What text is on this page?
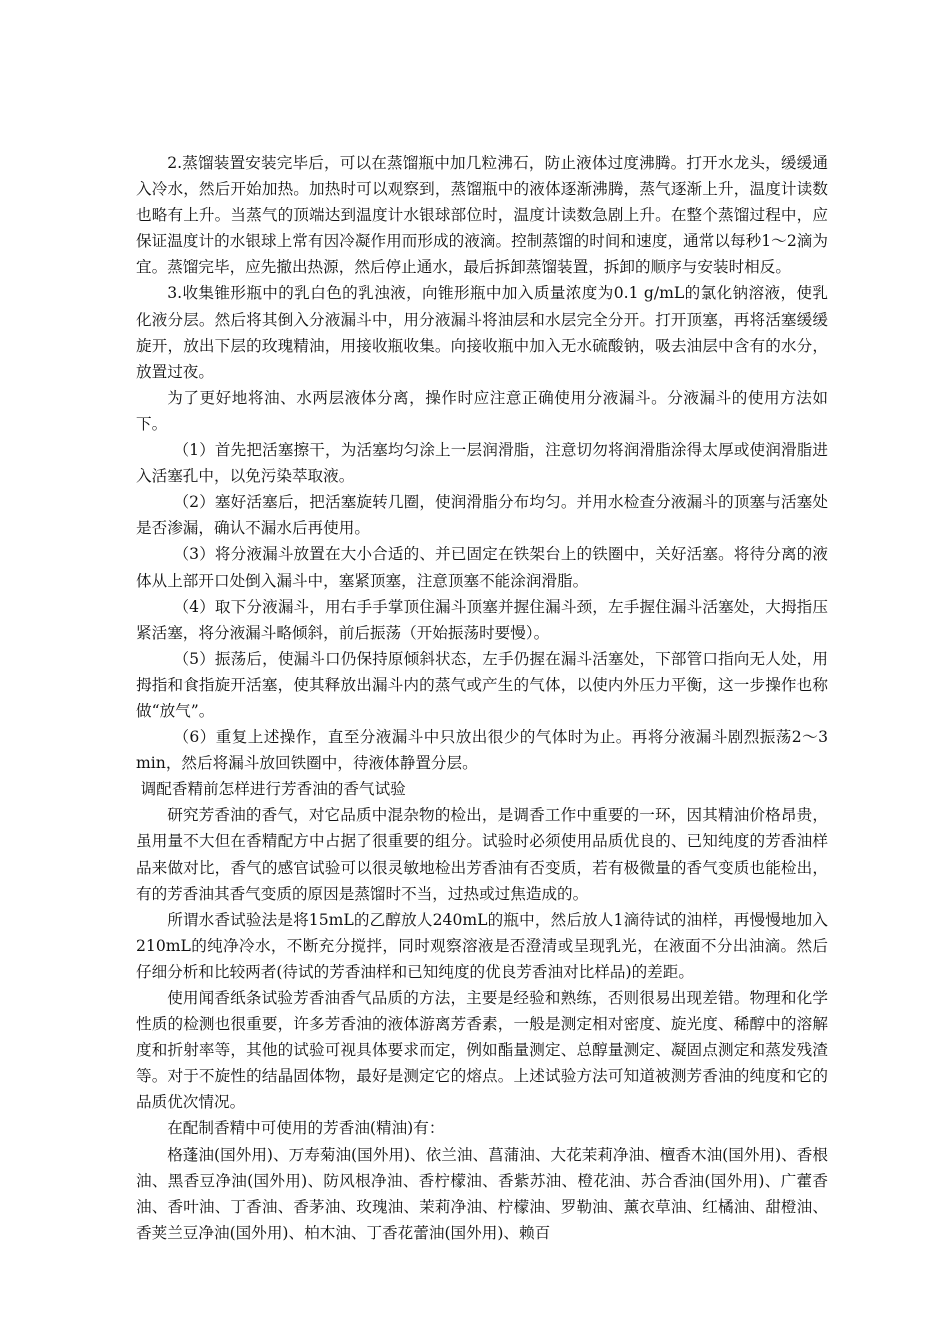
2.蒸馏装置安装完毕后，可以在蒸馏瓶中加几粒沸石，防止液体过度沸腾。打开水龙头，缓缓通入冷水，然后开始加热。加热时可以观察到，蒸馏瓶中的液体逐渐沸腾，蒸气逐渐上升，温度计读数也略有上升。当蒸气的顶端达到温度计水银球部位时，温度计读数急剧上升。在整个蒸馏过程中，应保证温度计的水银球上常有因冷凝作用而形成的液滴。控制蒸馏的时间和速度，通常以每秒1～2滴为宜。蒸馏完毕，应先撤出热源，然后停止通水，最后拆卸蒸馏装置，拆卸的顺序与安装时相反。

3.收集锥形瓶中的乳白色的乳浊液，向锥形瓶中加入质量浓度为0.1 g/mL的氯化钠溶液，使乳化液分层。然后将其倒入分液漏斗中，用分液漏斗将油层和水层完全分开。打开顶塞，再将活塞缓缓旋开，放出下层的玫瑰精油，用接收瓶收集。向接收瓶中加入无水硫酸钠，吸去油层中含有的水分，放置过夜。

为了更好地将油、水两层液体分离，操作时应注意正确使用分液漏斗。分液漏斗的使用方法如下。

（1）首先把活塞擦干，为活塞均匀涂上一层润滑脂，注意切勿将润滑脂涂得太厚或使润滑脂进入活塞孔中，以免污染萃取液。

（2）塞好活塞后，把活塞旋转几圈，使润滑脂分布均匀。并用水检查分液漏斗的顶塞与活塞处是否渗漏，确认不漏水后再使用。

（3）将分液漏斗放置在大小合适的、并已固定在铁架台上的铁圈中，关好活塞。将待分离的液体从上部开口处倒入漏斗中，塞紧顶塞，注意顶塞不能涂润滑脂。

（4）取下分液漏斗，用右手手掌顶住漏斗顶塞并握住漏斗颈，左手握住漏斗活塞处，大拇指压紧活塞，将分液漏斗略倾斜，前后振荡（开始振荡时要慢）。

（5）振荡后，使漏斗口仍保持原倾斜状态，左手仍握在漏斗活塞处，下部管口指向无人处，用拇指和食指旋开活塞，使其释放出漏斗内的蒸气或产生的气体，以使内外压力平衡，这一步操作也称做“放气”。

（6）重复上述操作，直至分液漏斗中只放出很少的气体时为止。再将分液漏斗剧烈振荡2～3 min，然后将漏斗放回铁圈中，待液体静置分层。

调配香精前怎样进行芳香油的香气试验

研究芳香油的香气，对它品质中混杂物的检出，是调香工作中重要的一环，因其精油价格昂贵，虽用量不大但在香精配方中占据了很重要的组分。试验时必须使用品质优良的、已知纯度的芳香油样品来做对比，香气的感官试验可以很灵敏地检出芳香油有否变质，若有极微量的香气变质也能检出，有的芳香油其香气变质的原因是蒸馏时不当，过热或过焦造成的。

所谓水香试验法是将15mL的乙醇放人240mL的瓶中，然后放人1滴待试的油样，再慢慢地加入210mL的纯净冷水，不断充分搅拌，同时观察溶液是否澄清或呈现乳光，在液面不分出油滴。然后仔细分析和比较两者(待试的芳香油样和已知纯度的优良芳香油对比样品)的差距。

使用闻香纸条试验芳香油香气品质的方法，主要是经验和熟练，否则很易出现差错。物理和化学性质的检测也很重要，许多芳香油的液体游离芳香素，一般是测定相对密度、旋光度、稀醇中的溶解度和折射率等，其他的试验可视具体要求而定，例如酯量测定、总醇量测定、凝固点测定和蒸发残渣等。对于不旋性的结晶固体物，最好是测定它的熔点。上述试验方法可知道被测芳香油的纯度和它的品质优次情况。

在配制香精中可使用的芳香油(精油)有：

格蓬油(国外用)、万寿菊油(国外用)、依兰油、菖蒲油、大花茉莉净油、檀香木油(国外用)、香根油、黑香豆净油(国外用)、防风根净油、香柠檬油、香紫苏油、橙花油、苏合香油(国外用)、广藿香油、香叶油、丁香油、香茅油、玫瑰油、茉莉净油、柠檬油、罗勒油、薰衣草油、红橘油、甜橙油、香荚兰豆净油(国外用)、柏木油、丁香花蕾油(国外用)、赖百
